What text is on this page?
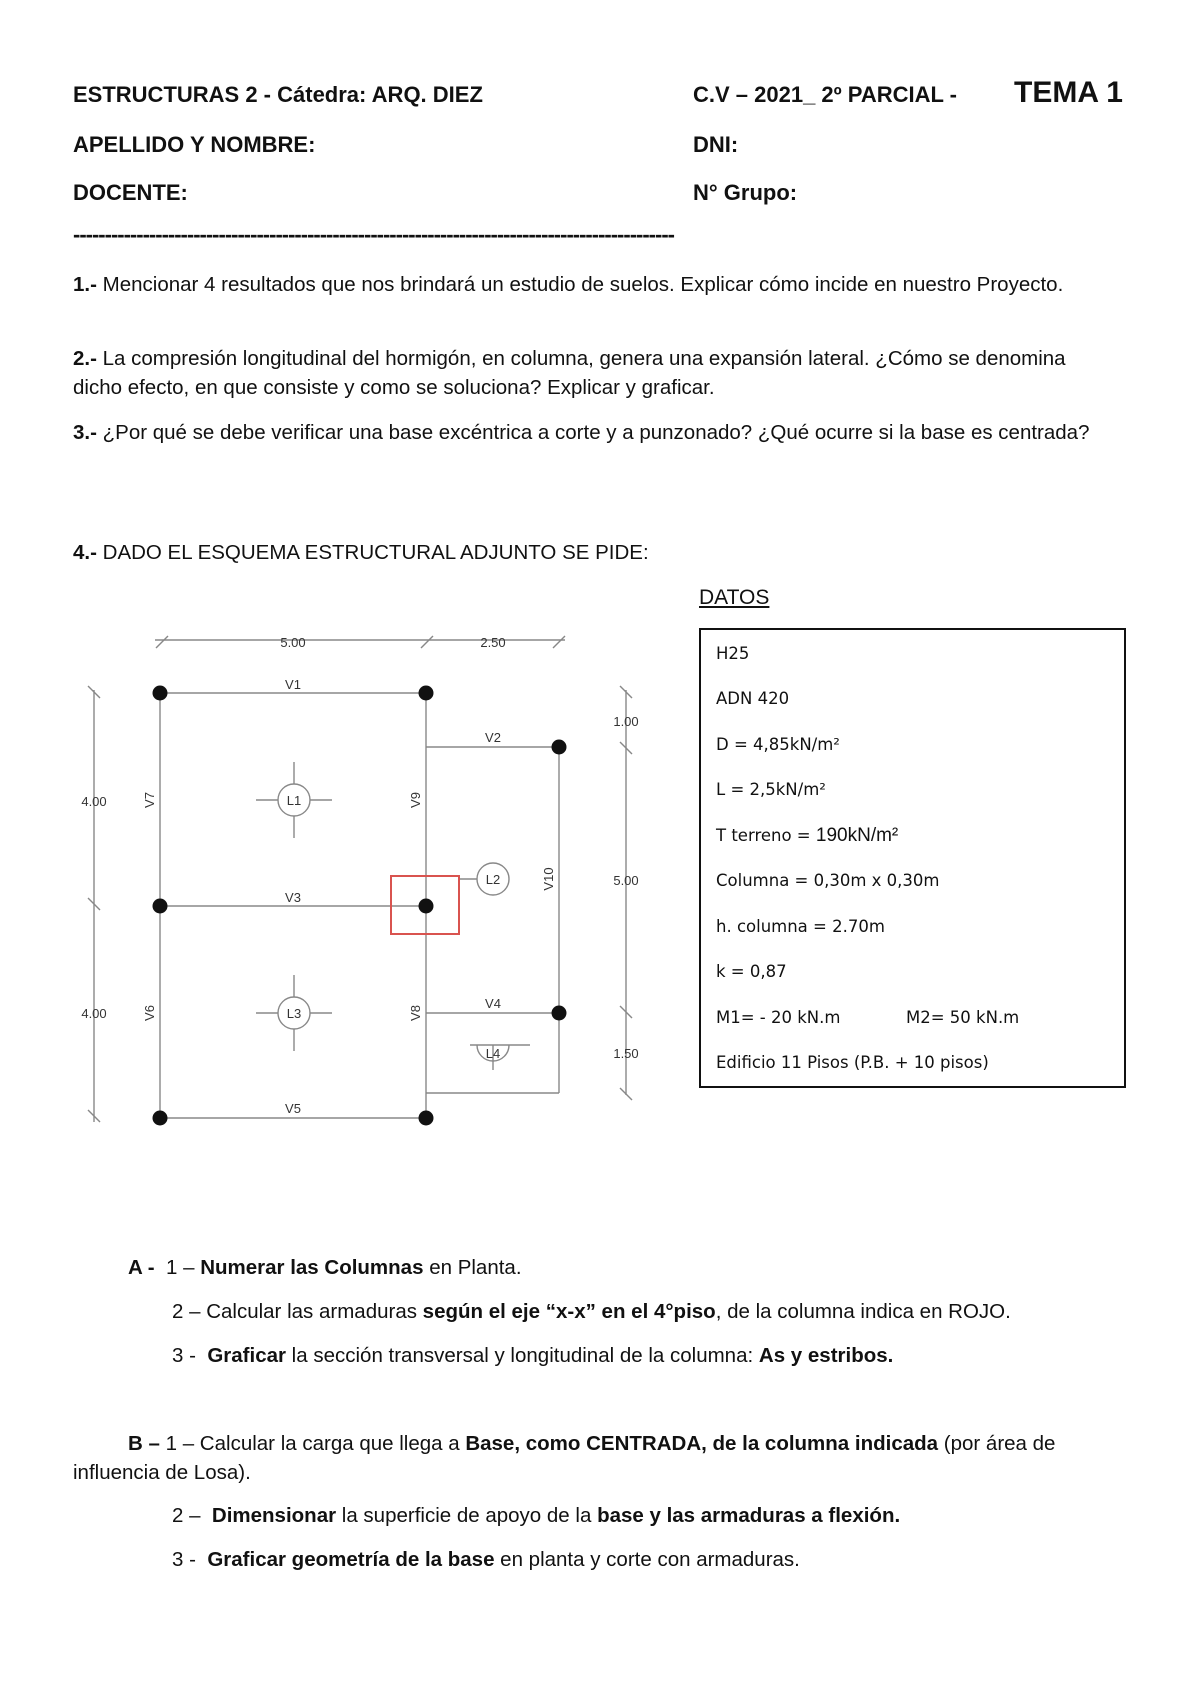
ESTRUCTURAS 2 - Cátedra: ARQ. DIEZ	C.V – 2021_ 2º PARCIAL - TEMA 1
APELLIDO Y NOMBRE:	DNI:
DOCENTE:	N° Grupo:
-----------------------------------------------------------------------------------------------
1.- Mencionar 4 resultados que nos brindará un estudio de suelos. Explicar cómo incide en nuestro Proyecto.
2.- La compresión longitudinal del hormigón, en columna, genera una expansión lateral. ¿Cómo se denomina dicho efecto, en que consiste y como se soluciona? Explicar y graficar.
3.- ¿Por qué se debe verificar una base excéntrica a corte y a punzonado? ¿Qué ocurre si la base es centrada?
4.- DADO EL ESQUEMA ESTRUCTURAL ADJUNTO SE PIDE:
DATOS
H25
ADN 420
D = 4,85kN/m²
L = 2,5kN/m²
T terreno = 190kN/m²
Columna = 0,30m x 0,30m
h. columna = 2.70m
k = 0,87
M1= - 20 kN.m	M2= 50 kN.m
Edificio 11 Pisos (P.B. + 10 pisos)
5.00	2.50
4.00
4.00
1.00
5.00
1.50
V1
V2
V3
V4
V5
V6
V7
V8
V9
V10
L1
L2
L3
L4
A - 1 – Numerar las Columnas en Planta.
2 – Calcular las armaduras según el eje “x-x” en el 4°piso, de la columna indica en ROJO.
3 - Graficar la sección transversal y longitudinal de la columna: As y estribos.
B – 1 – Calcular la carga que llega a Base, como CENTRADA, de la columna indicada (por área de influencia de Losa).
2 – Dimensionar la superficie de apoyo de la base y las armaduras a flexión.
3 - Graficar geometría de la base en planta y corte con armaduras.
